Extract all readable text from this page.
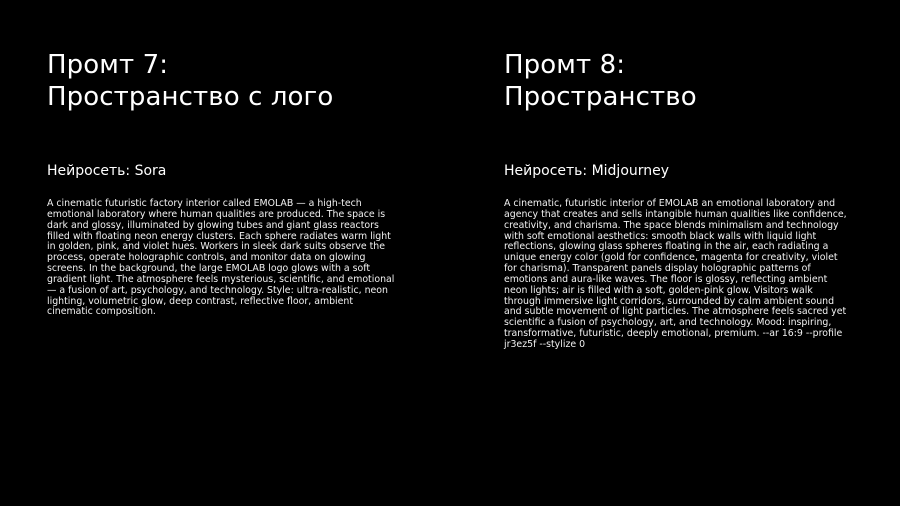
Промт 7:
Пространство с лого
Нейросеть: Sora

A cinematic futuristic factory interior called EMOLAB — a high-tech emotional laboratory where human qualities are produced. The space is dark and glossy, illuminated by glowing tubes and giant glass reactors filled with floating neon energy clusters. Each sphere radiates warm light in golden, pink, and violet hues. Workers in sleek dark suits observe the process, operate holographic controls, and monitor data on glowing screens. In the background, the large EMOLAB logo glows with a soft gradient light. The atmosphere feels mysterious, scientific, and emotional — a fusion of art, psychology, and technology. Style: ultra-realistic, neon lighting, volumetric glow, deep contrast, reflective floor, ambient cinematic composition.

Промт 8:
Пространство
Нейросеть: Midjourney

A cinematic, futuristic interior of EMOLAB an emotional laboratory and agency that creates and sells intangible human qualities like confidence, creativity, and charisma. The space blends minimalism and technology with soft emotional aesthetics: smooth black walls with liquid light reflections, glowing glass spheres floating in the air, each radiating a unique energy color (gold for confidence, magenta for creativity, violet for charisma). Transparent panels display holographic patterns of emotions and aura-like waves. The floor is glossy, reflecting ambient neon lights; air is filled with a soft, golden-pink glow. Visitors walk through immersive light corridors, surrounded by calm ambient sound and subtle movement of light particles. The atmosphere feels sacred yet scientific a fusion of psychology, art, and technology. Mood: inspiring, transformative, futuristic, deeply emotional, premium. --ar 16:9 --profile jr3ez5f --stylize 0
